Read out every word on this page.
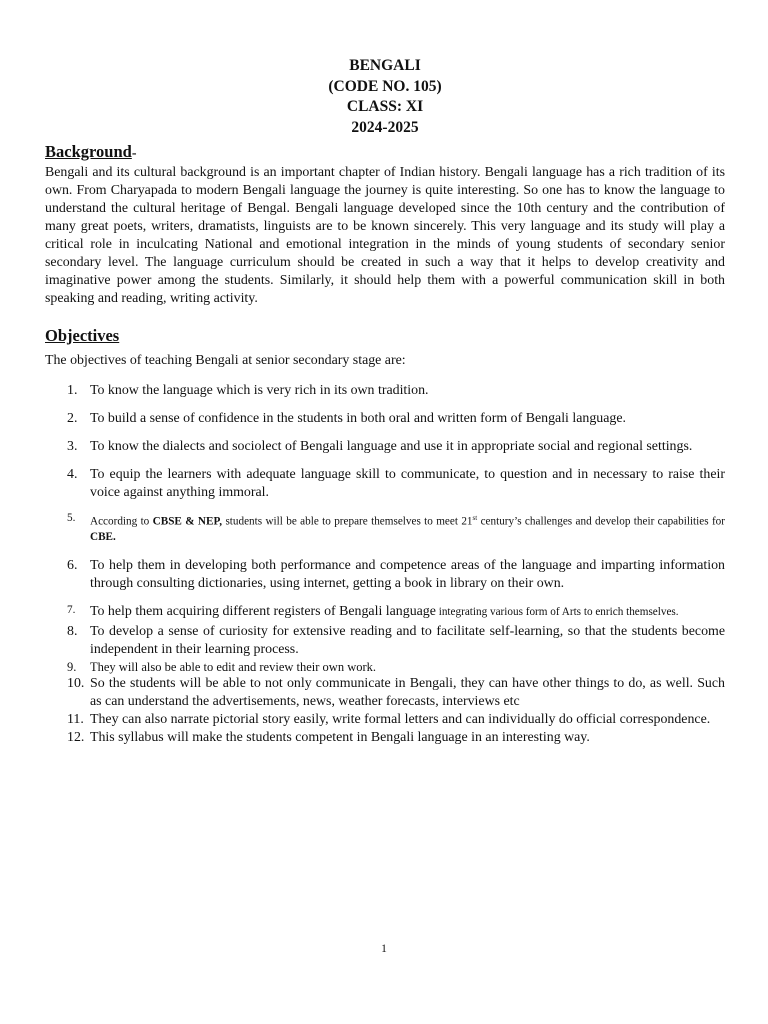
BENGALI
(CODE NO. 105)
CLASS: XI
2024-2025
Background-
Bengali and its cultural background is an important chapter of Indian history. Bengali language has a rich tradition of its own. From Charyapada to modern Bengali language the journey is quite interesting. So one has to know the language to understand the cultural heritage of Bengal. Bengali language developed since the 10th century and the contribution of many great poets, writers, dramatists, linguists are to be known sincerely. This very language and its study will play a critical role in inculcating National and emotional integration in the minds of young students of secondary senior secondary level. The language curriculum should be created in such a way that it helps to develop creativity and imaginative power among the students. Similarly, it should help them with a powerful communication skill in both speaking and reading, writing activity.
Objectives
The objectives of teaching Bengali at senior secondary stage are:
1. To know the language which is very rich in its own tradition.
2. To build a sense of confidence in the students in both oral and written form of Bengali language.
3. To know the dialects and sociolect of Bengali language and use it in appropriate social and regional settings.
4. To equip the learners with adequate language skill to communicate, to question and in necessary to raise their voice against anything immoral.
5.	According to CBSE & NEP, students will be able to prepare themselves to meet 21st century’s challenges and develop their capabilities for CBE.
6. To help them in developing both performance and competence areas of the language and imparting information through consulting dictionaries, using internet, getting a book in library on their own.
7.	To help them acquiring different registers of Bengali language integrating various form of Arts to enrich themselves.
8. To develop a sense of curiosity for extensive reading and to facilitate self-learning, so that the students become independent in their learning process.
9.	They will also be able to edit and review their own work.
10. So the students will be able to not only communicate in Bengali, they can have other things to do, as well. Such as can understand the advertisements, news, weather forecasts, interviews etc
11. They can also narrate pictorial story easily, write formal letters and can individually do official correspondence.
12. This syllabus will make the students competent in Bengali language in an interesting way.
1
